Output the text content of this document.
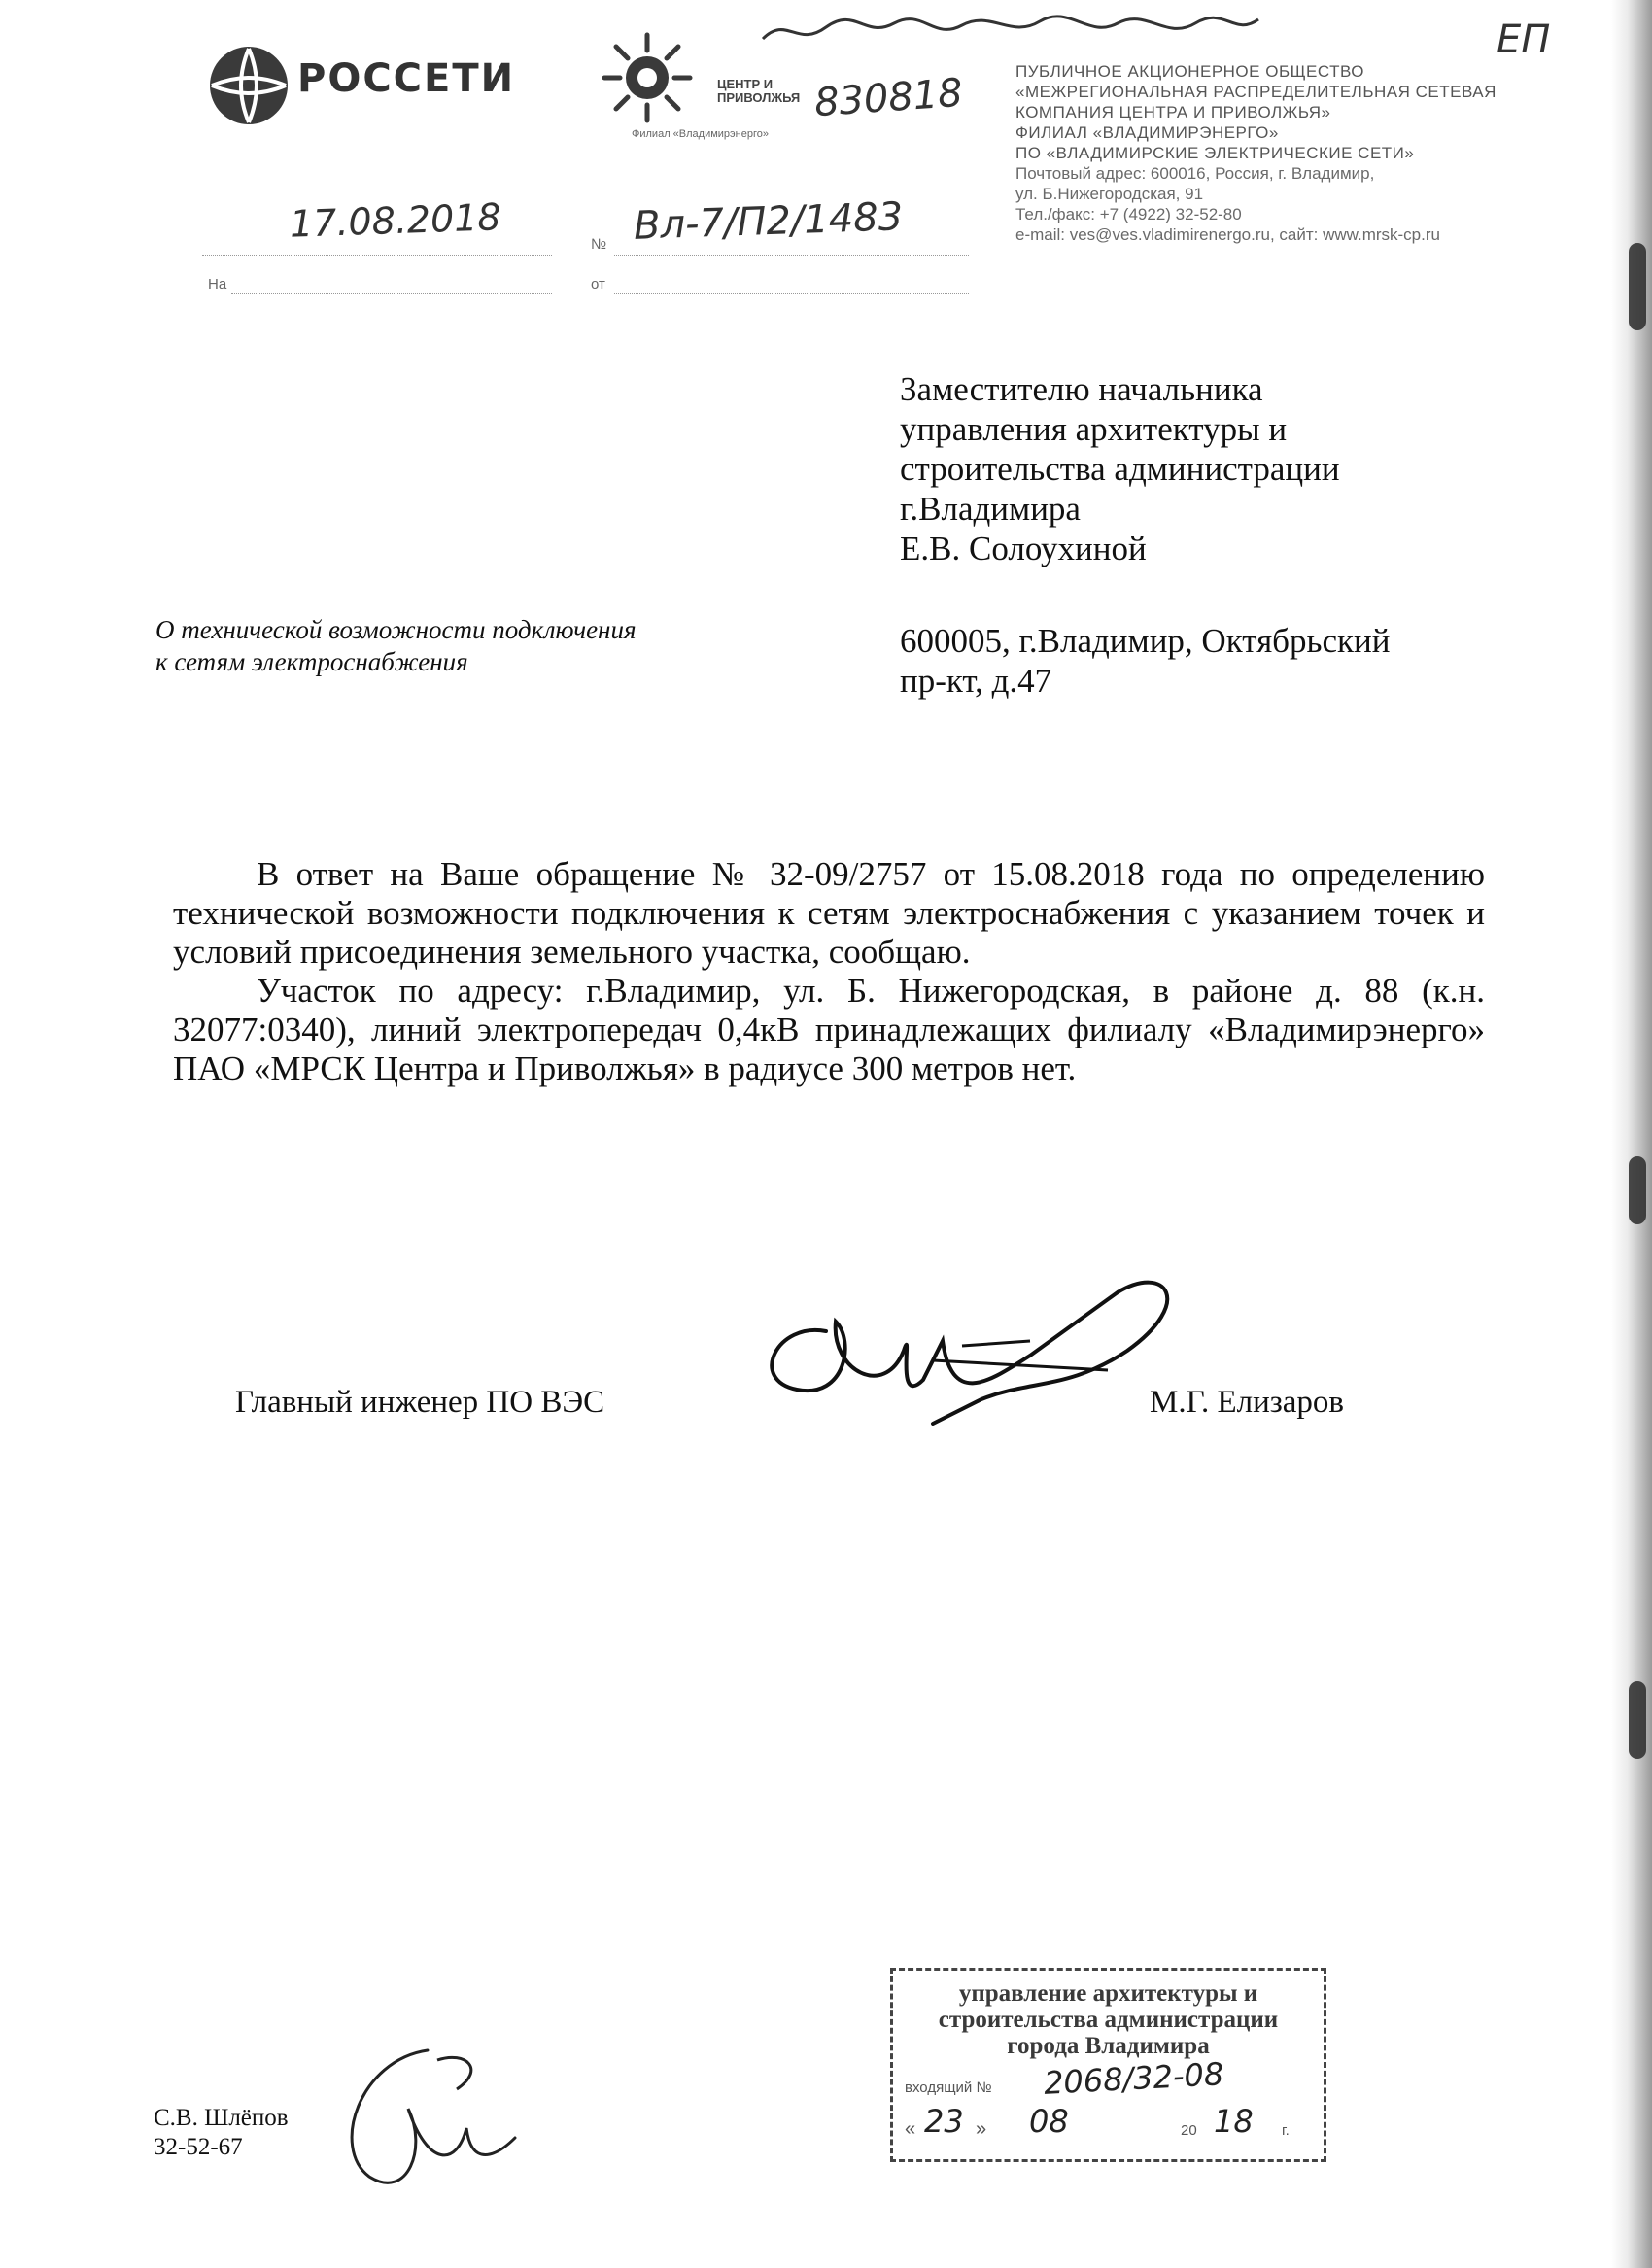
РОССЕТИ	ЦЕНТР И
ПРИВОЛЖЬЯ
Филиал «Владимирэнерго»
ЕП
830818	ПУБЛИЧНОЕ АКЦИОНЕРНОЕ ОБЩЕСТВО
«МЕЖРЕГИОНАЛЬНАЯ РАСПРЕДЕЛИТЕЛЬНАЯ СЕТЕВАЯ
КОМПАНИЯ ЦЕНТРА И ПРИВОЛЖЬЯ»
ФИЛИАЛ «ВЛАДИМИРЭНЕРГО»
ПО «ВЛАДИМИРСКИЕ ЭЛЕКТРИЧЕСКИЕ СЕТИ»
Почтовый адрес: 600016, Россия, г. Владимир,
ул. Б.Нижегородская, 91
Тел./факс: +7 (4922) 32-52-80
e-mail: ves@ves.vladimirenergo.ru, сайт: www.mrsk-cp.ru
17.08.2018	№ Вл-7/П2/1483
На	от
Заместителю начальника
управления архитектуры и
строительства администрации
г.Владимира
Е.В. Солоухиной
600005, г.Владимир, Октябрьский
пр-кт, д.47
О технической возможности подключения
к сетям электроснабжения

В ответ на Ваше обращение № 32-09/2757 от 15.08.2018 года по определению технической возможности подключения к сетям электроснабжения с указанием точек и условий присоединения земельного участка, сообщаю.

Участок по адресу: г.Владимир, ул. Б. Нижегородская, в районе д. 88 (к.н. 32077:0340), линий электропередач 0,4кВ принадлежащих филиалу «Владимирэнерго» ПАО «МРСК Центра и Приволжья» в радиусе 300 метров нет.

Главный инженер ПО ВЭС	М.Г. Елизаров
С.В. Шлёпов
32-52-67
управление архитектуры и
строительства администрации
города Владимира
входящий № 2068/32-08
« 23 » 08	20 18 г.
